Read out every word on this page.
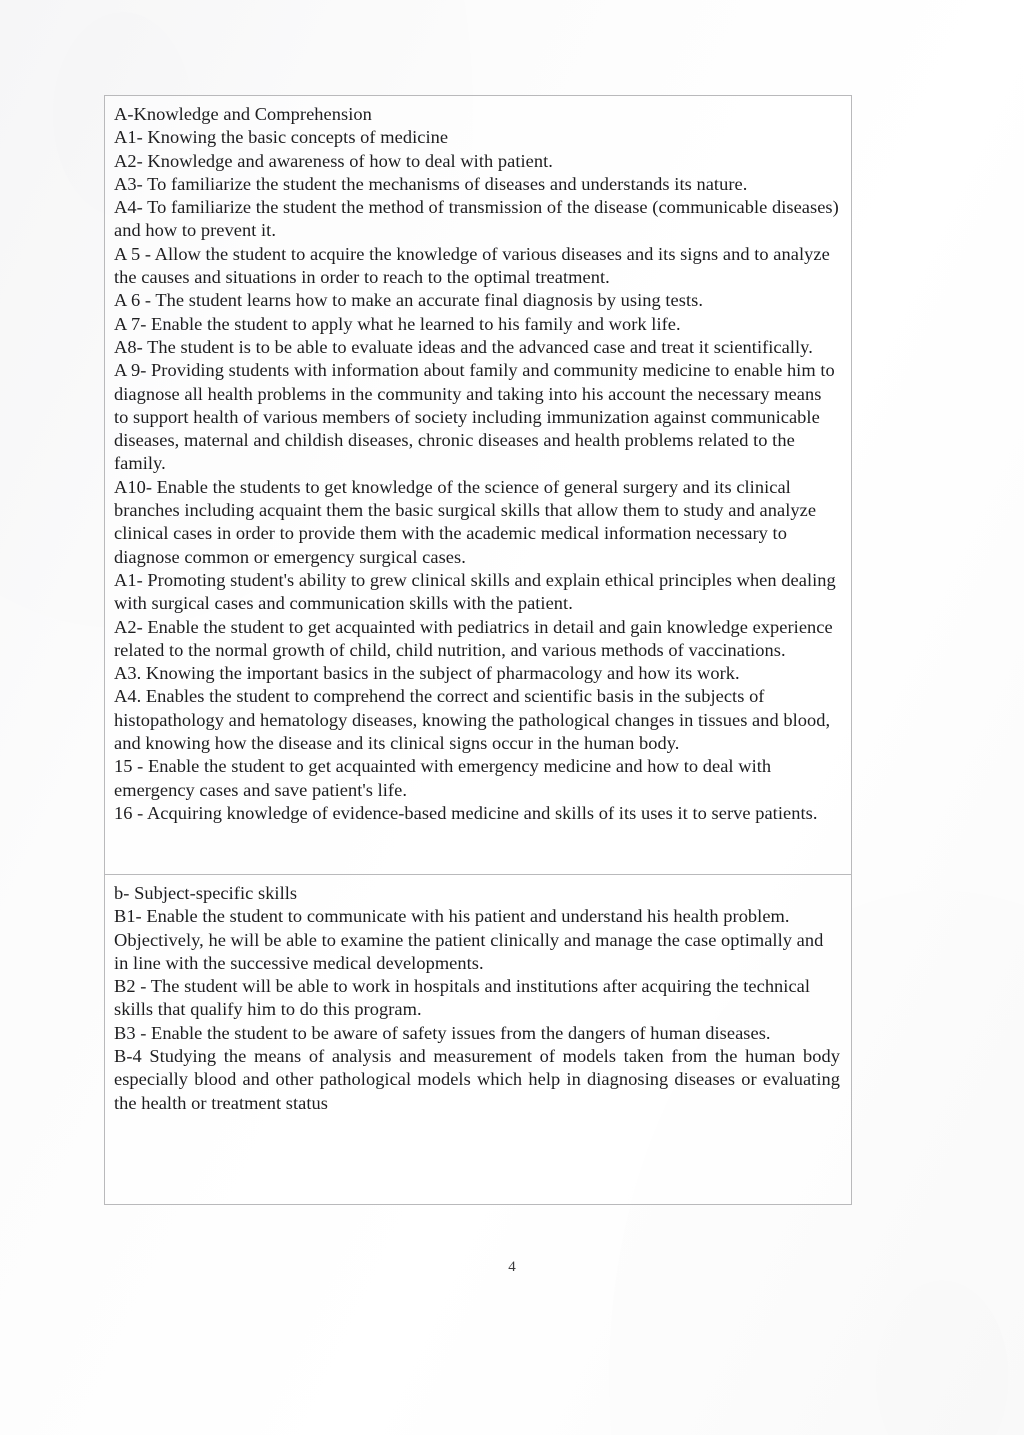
A-Knowledge and Comprehension

A1- Knowing the basic concepts of medicine

A2- Knowledge and awareness of how to deal with patient.

A3- To familiarize the student the mechanisms of diseases and understands its nature.

A4- To familiarize the student the method of transmission of the disease (communicable diseases) and how to prevent it.

A 5 - Allow the student to acquire the knowledge of various diseases and its signs and to analyze the causes and situations in order to reach to the optimal treatment.

A 6 - The student learns how to make an accurate final diagnosis by using tests.

A 7- Enable the student to apply what he learned to his family and work life.

A8- The student is to be able to evaluate ideas and the advanced case and treat it scientifically.

A 9- Providing students with information about family and community medicine to enable him to diagnose all health problems in the community and taking into his account the necessary means to support health of various members of society including immunization against communicable diseases, maternal and childish diseases, chronic diseases and health problems related to the family.

A10- Enable the students to get knowledge of the science of general surgery and its clinical branches including acquaint them the basic surgical skills that allow them to study and analyze clinical cases in order to provide them with the academic medical information necessary to diagnose common or emergency surgical cases.

A1- Promoting student's ability to grew clinical skills and explain ethical principles when dealing with surgical cases and communication skills with the patient.

A2- Enable the student to get acquainted with pediatrics in detail and gain knowledge experience related to the normal growth of child, child nutrition, and various methods of vaccinations.

A3. Knowing the important basics in the subject of pharmacology and how its work.

A4. Enables the student to comprehend the correct and scientific basis in the subjects of histopathology and hematology diseases, knowing the pathological changes in tissues and blood, and knowing how the disease and its clinical signs occur in the human body.

15 - Enable the student to get acquainted with emergency medicine and how to deal with emergency cases and save patient's life.

16 - Acquiring knowledge of evidence-based medicine and skills of its uses it to serve patients.

b- Subject-specific skills

B1- Enable the student to communicate with his patient and understand his health problem. Objectively, he will be able to examine the patient clinically and manage the case optimally and in line with the successive medical developments.

B2 - The student will be able to work in hospitals and institutions after acquiring the technical skills that qualify him to do this program.

B3 - Enable the student to be aware of safety issues from the dangers of human diseases.

B-4 Studying the means of analysis and measurement of models taken from the human body especially blood and other pathological models which help in diagnosing diseases or evaluating the health or treatment status

4
